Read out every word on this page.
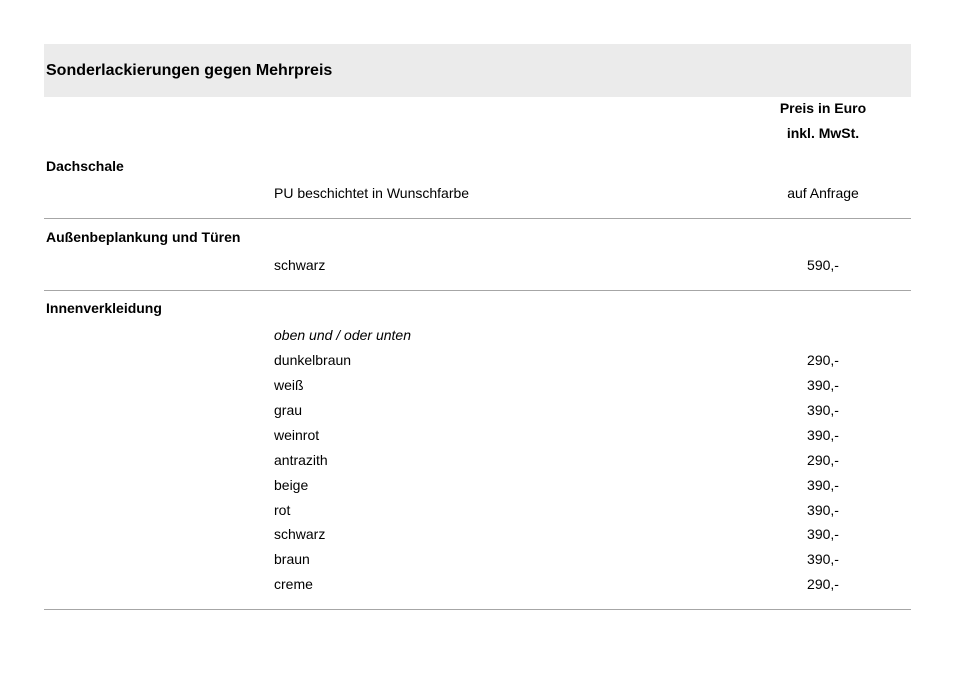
Sonderlackierungen gegen Mehrpreis
Preis in Euro
inkl. MwSt.
Dachschale
PU beschichtet in Wunschfarbe	auf Anfrage
Außenbeplankung und Türen
schwarz	590,-
Innenverkleidung
oben und / oder unten
dunkelbraun	290,-
weiß	390,-
grau	390,-
weinrot	390,-
antrazith	290,-
beige	390,-
rot	390,-
schwarz	390,-
braun	390,-
creme	290,-
